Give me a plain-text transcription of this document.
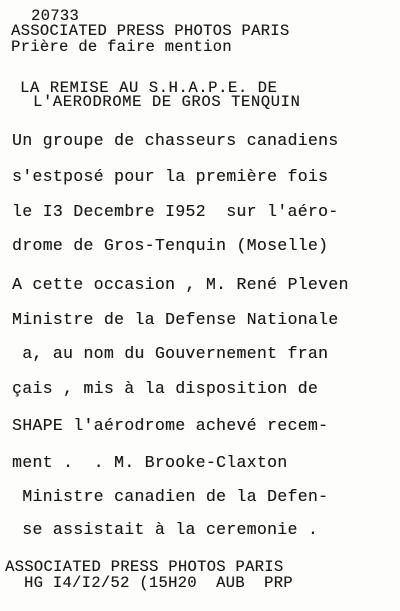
20733
ASSOCIATED PRESS PHOTOS PARIS
Prière de faire mention
LA REMISE AU S.H.A.P.E. DE
L'AERODROME DE GROS TENQUIN
Un groupe de chasseurs canadiens
s'estposé pour la première fois
le I3 Decembre I952  sur l'aéro-
drome de Gros-Tenquin (Moselle)
A cette occasion , M. René Pleven
Ministre de la Defense Nationale
a, au nom du Gouvernement fran
çais , mis à la disposition de
SHAPE l'aérodrome achevé recem-
ment .  . M. Brooke-Claxton
Ministre canadien de la Defen-
se assistait à la ceremonie .
ASSOCIATED PRESS PHOTOS PARIS
HG I4/I2/52 (15H20  AUB  PRP
